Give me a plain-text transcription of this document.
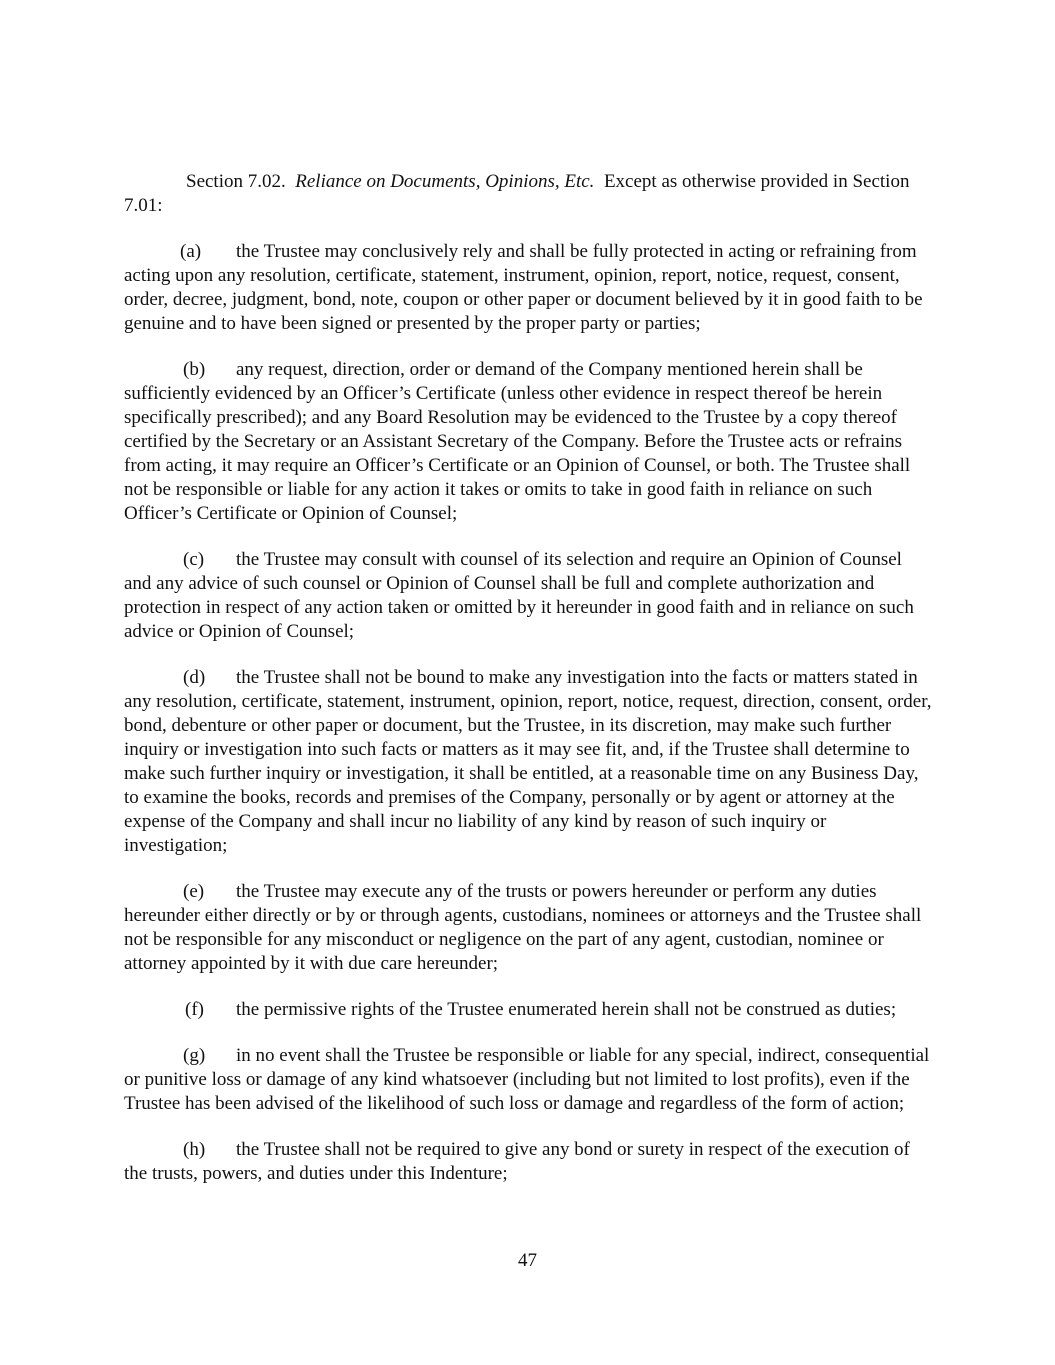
Section 7.02. Reliance on Documents, Opinions, Etc. Except as otherwise provided in Section 7.01:

(a) the Trustee may conclusively rely and shall be fully protected in acting or refraining from acting upon any resolution, certificate, statement, instrument, opinion, report, notice, request, consent, order, decree, judgment, bond, note, coupon or other paper or document believed by it in good faith to be genuine and to have been signed or presented by the proper party or parties;

(b) any request, direction, order or demand of the Company mentioned herein shall be sufficiently evidenced by an Officer’s Certificate (unless other evidence in respect thereof be herein specifically prescribed); and any Board Resolution may be evidenced to the Trustee by a copy thereof certified by the Secretary or an Assistant Secretary of the Company. Before the Trustee acts or refrains from acting, it may require an Officer’s Certificate or an Opinion of Counsel, or both. The Trustee shall not be responsible or liable for any action it takes or omits to take in good faith in reliance on such Officer’s Certificate or Opinion of Counsel;

(c) the Trustee may consult with counsel of its selection and require an Opinion of Counsel and any advice of such counsel or Opinion of Counsel shall be full and complete authorization and protection in respect of any action taken or omitted by it hereunder in good faith and in reliance on such advice or Opinion of Counsel;

(d) the Trustee shall not be bound to make any investigation into the facts or matters stated in any resolution, certificate, statement, instrument, opinion, report, notice, request, direction, consent, order, bond, debenture or other paper or document, but the Trustee, in its discretion, may make such further inquiry or investigation into such facts or matters as it may see fit, and, if the Trustee shall determine to make such further inquiry or investigation, it shall be entitled, at a reasonable time on any Business Day, to examine the books, records and premises of the Company, personally or by agent or attorney at the expense of the Company and shall incur no liability of any kind by reason of such inquiry or investigation;

(e) the Trustee may execute any of the trusts or powers hereunder or perform any duties hereunder either directly or by or through agents, custodians, nominees or attorneys and the Trustee shall not be responsible for any misconduct or negligence on the part of any agent, custodian, nominee or attorney appointed by it with due care hereunder;

(f) the permissive rights of the Trustee enumerated herein shall not be construed as duties;

(g) in no event shall the Trustee be responsible or liable for any special, indirect, consequential or punitive loss or damage of any kind whatsoever (including but not limited to lost profits), even if the Trustee has been advised of the likelihood of such loss or damage and regardless of the form of action;

(h) the Trustee shall not be required to give any bond or surety in respect of the execution of the trusts, powers, and duties under this Indenture;

47
